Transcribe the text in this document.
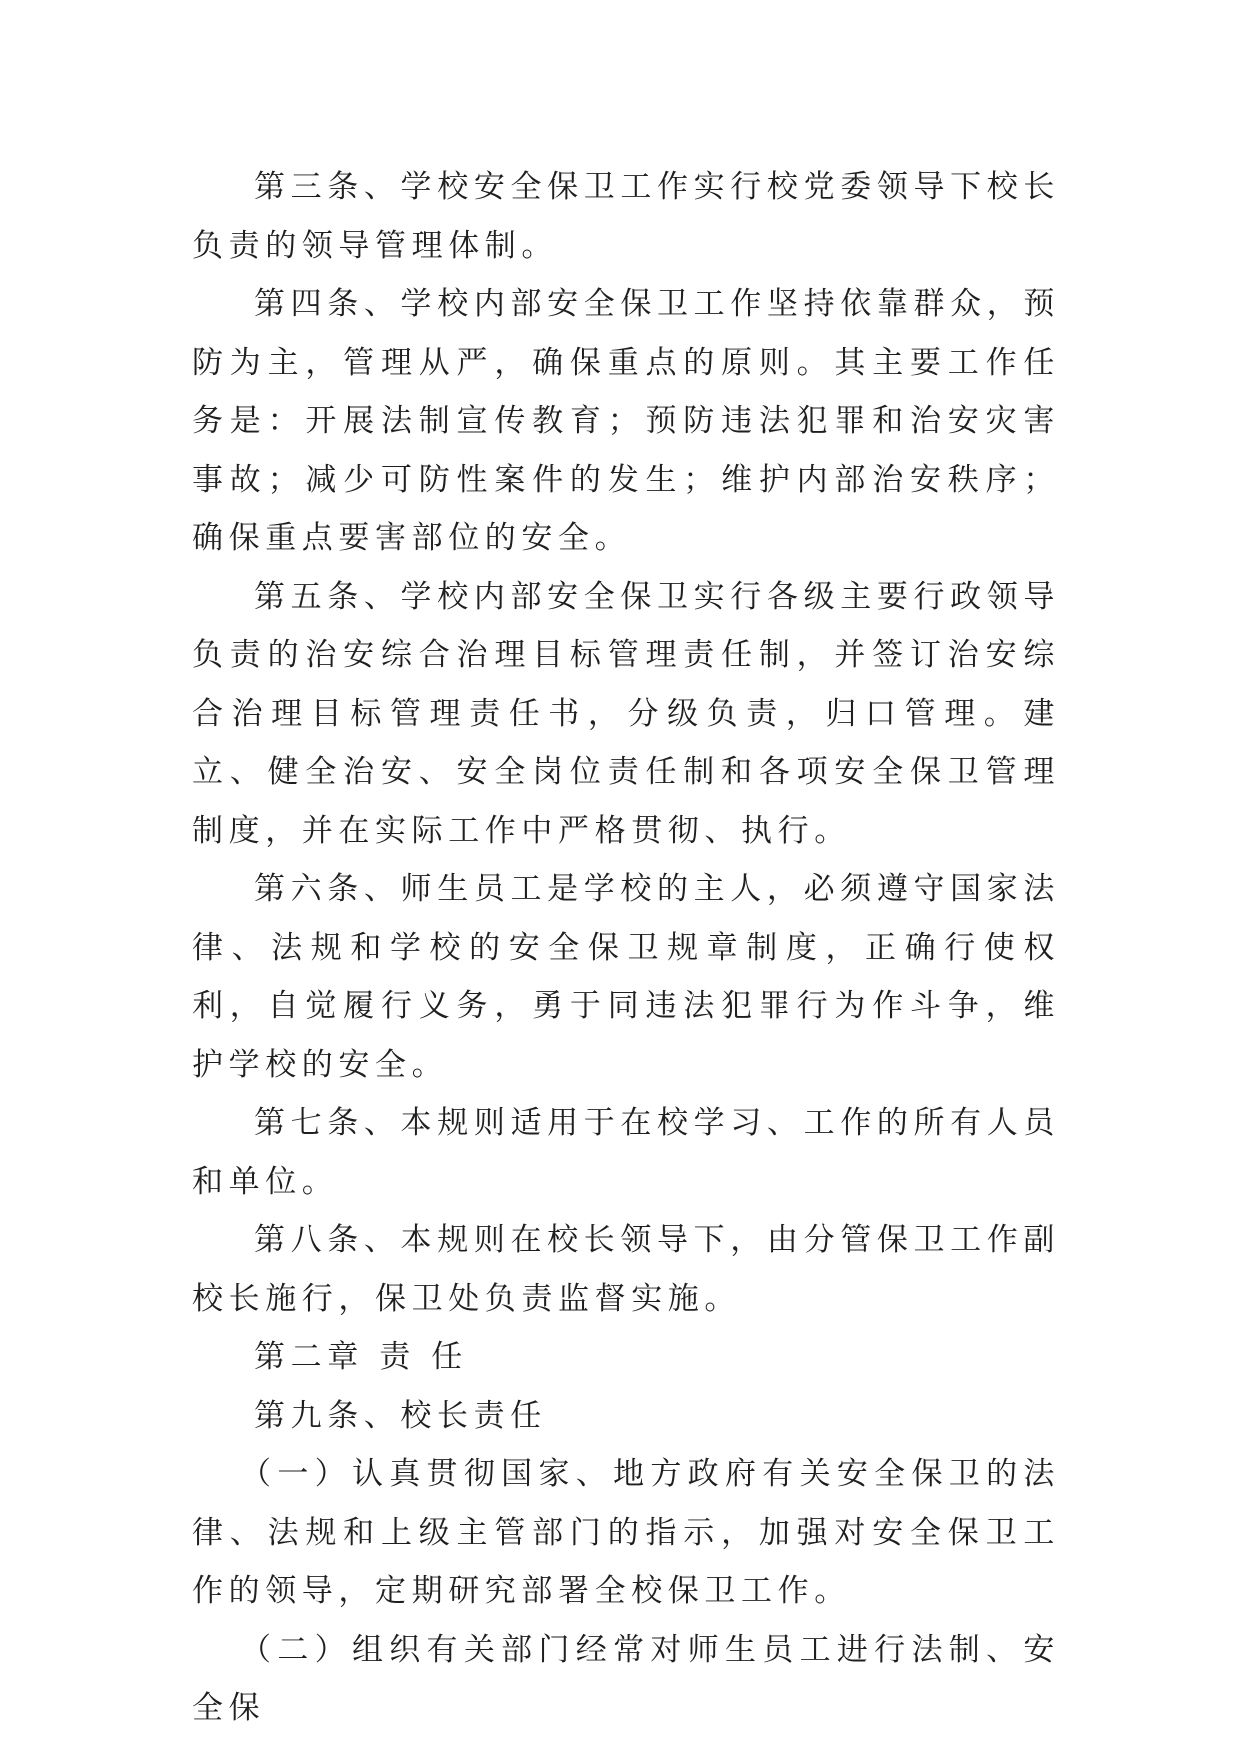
第三条、学校安全保卫工作实行校党委领导下校长负责的领导管理体制。

第四条、学校内部安全保卫工作坚持依靠群众，预防为主，管理从严，确保重点的原则。其主要工作任务是：开展法制宣传教育；预防违法犯罪和治安灾害事故；减少可防性案件的发生；维护内部治安秩序；确保重点要害部位的安全。

第五条、学校内部安全保卫实行各级主要行政领导负责的治安综合治理目标管理责任制，并签订治安综合治理目标管理责任书，分级负责，归口管理。建立、健全治安、安全岗位责任制和各项安全保卫管理制度，并在实际工作中严格贯彻、执行。

第六条、师生员工是学校的主人，必须遵守国家法律、法规和学校的安全保卫规章制度，正确行使权利，自觉履行义务，勇于同违法犯罪行为作斗争，维护学校的安全。

第七条、本规则适用于在校学习、工作的所有人员和单位。

第八条、本规则在校长领导下，由分管保卫工作副校长施行，保卫处负责监督实施。

第二章 责 任

第九条、校长责任

（一）认真贯彻国家、地方政府有关安全保卫的法律、法规和上级主管部门的指示，加强对安全保卫工作的领导，定期研究部署全校保卫工作。

（二）组织有关部门经常对师生员工进行法制、安全保
